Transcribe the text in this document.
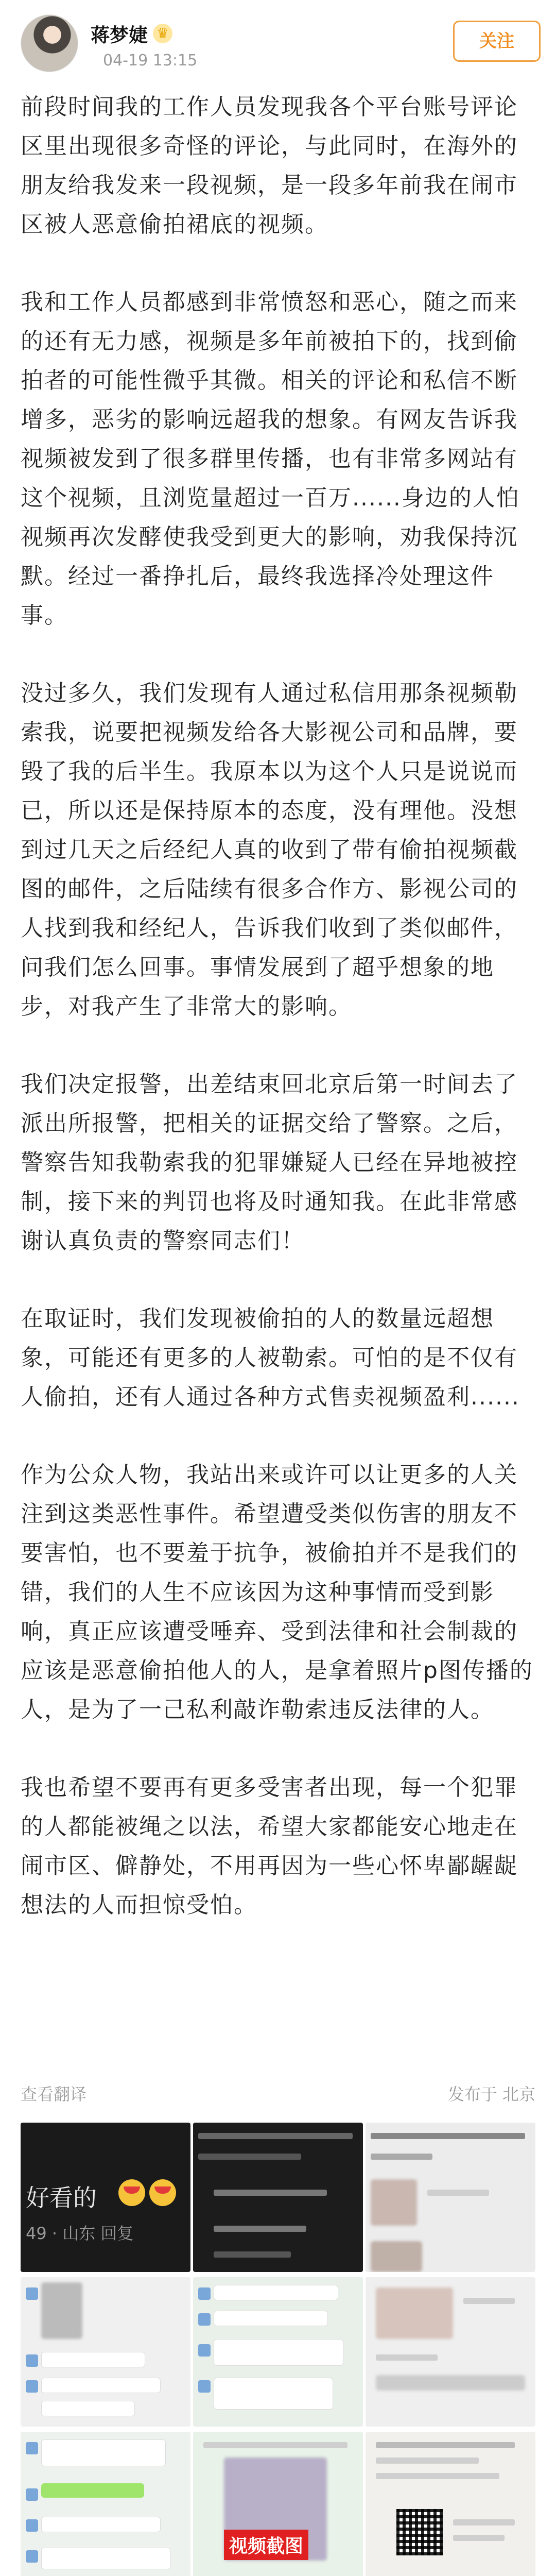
蒋梦婕 ♛
04-19 13:15
关注

前段时间我的工作人员发现我各个平台账号评论区里出现很多奇怪的评论，与此同时，在海外的朋友给我发来一段视频，是一段多年前我在闹市区被人恶意偷拍裙底的视频。

我和工作人员都感到非常愤怒和恶心，随之而来的还有无力感，视频是多年前被拍下的，找到偷拍者的可能性微乎其微。相关的评论和私信不断增多，恶劣的影响远超我的想象。有网友告诉我视频被发到了很多群里传播，也有非常多网站有这个视频，且浏览量超过一百万......身边的人怕视频再次发酵使我受到更大的影响，劝我保持沉默。经过一番挣扎后，最终我选择冷处理这件事。

没过多久，我们发现有人通过私信用那条视频勒索我，说要把视频发给各大影视公司和品牌，要毁了我的后半生。我原本以为这个人只是说说而已，所以还是保持原本的态度，没有理他。没想到过几天之后经纪人真的收到了带有偷拍视频截图的邮件，之后陆续有很多合作方、影视公司的人找到我和经纪人，告诉我们收到了类似邮件，问我们怎么回事。事情发展到了超乎想象的地步，对我产生了非常大的影响。

我们决定报警，出差结束回北京后第一时间去了派出所报警，把相关的证据交给了警察。之后，警察告知我勒索我的犯罪嫌疑人已经在异地被控制，接下来的判罚也将及时通知我。在此非常感谢认真负责的警察同志们！

在取证时，我们发现被偷拍的人的数量远超想象，可能还有更多的人被勒索。可怕的是不仅有人偷拍，还有人通过各种方式售卖视频盈利......

作为公众人物，我站出来或许可以让更多的人关注到这类恶性事件。希望遭受类似伤害的朋友不要害怕，也不要羞于抗争，被偷拍并不是我们的错，我们的人生不应该因为这种事情而受到影响，真正应该遭受唾弃、受到法律和社会制裁的应该是恶意偷拍他人的人，是拿着照片p图传播的人，是为了一己私利敲诈勒索违反法律的人。

我也希望不要再有更多受害者出现，每一个犯罪的人都能被绳之以法，希望大家都能安心地走在闹市区、僻静处，不用再因为一些心怀卑鄙龌龊想法的人而担惊受怕。

查看翻译	发布于 北京
好看的
49 · 山东 回复
视频截图
